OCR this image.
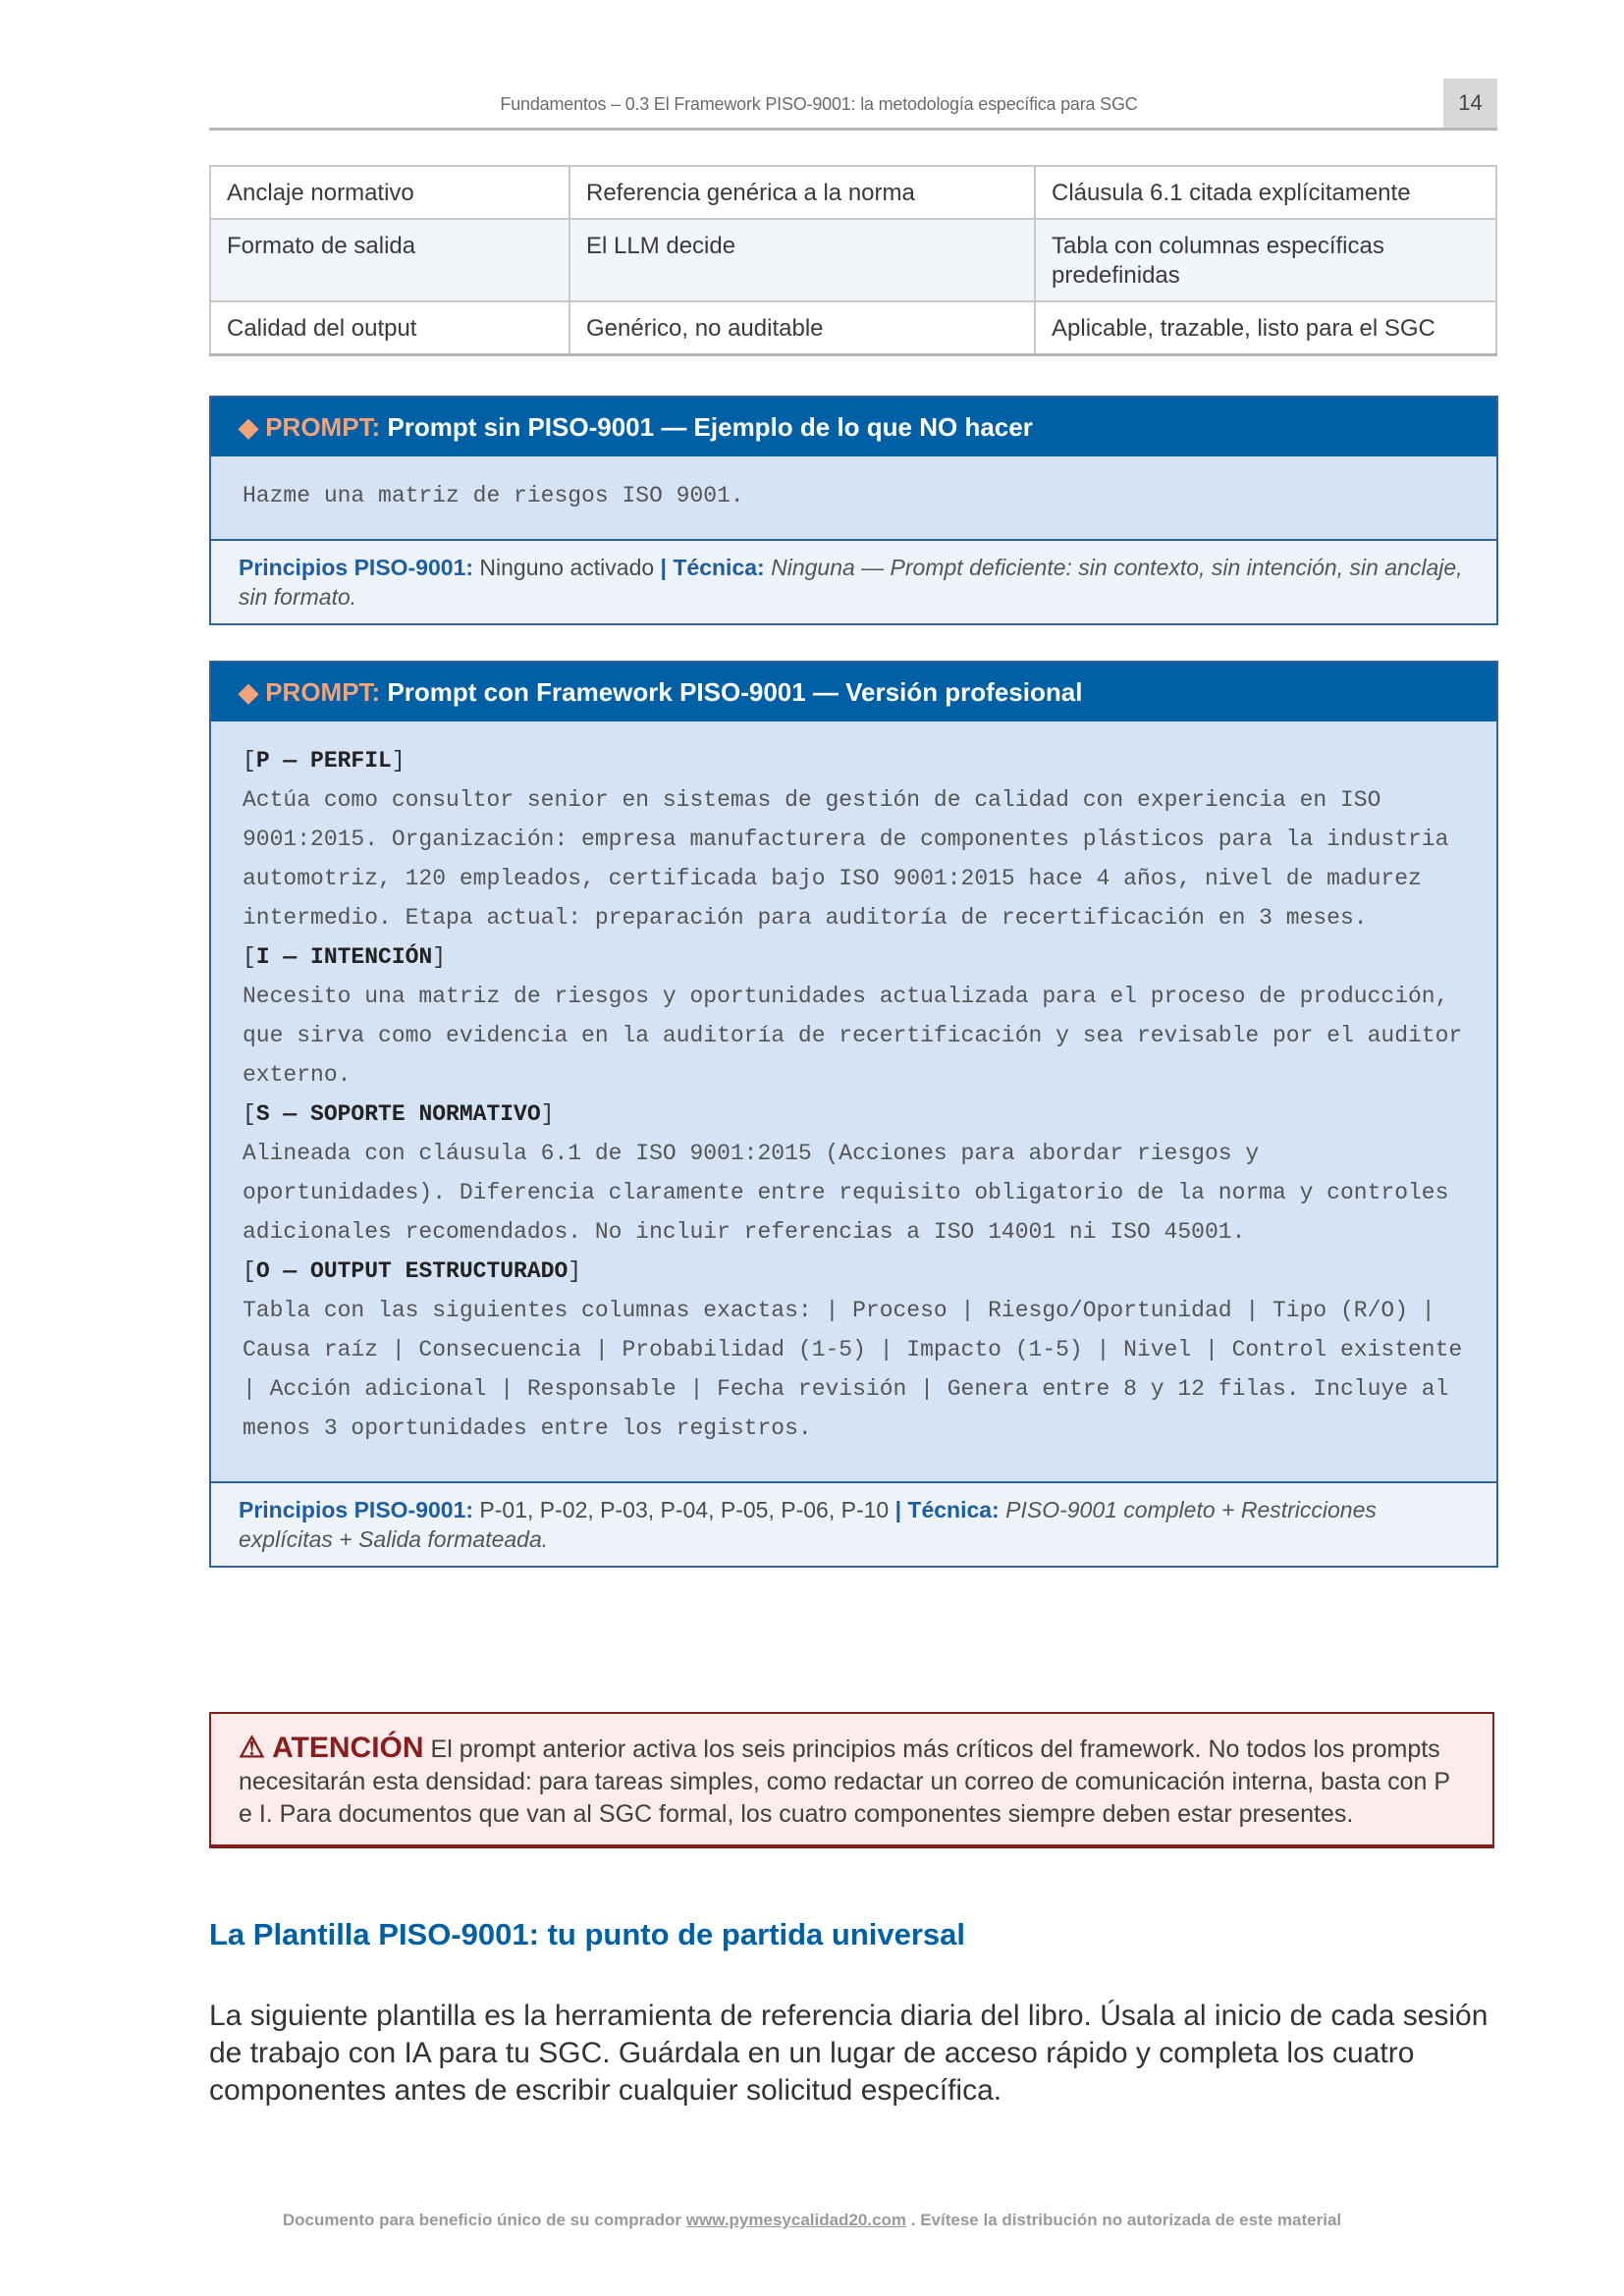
Fundamentos – 0.3 El Framework PISO-9001: la metodología específica para SGC	14
Anclaje normativo	Referencia genérica a la norma	Cláusula 6.1 citada explícitamente
Formato de salida	El LLM decide	Tabla con columnas específicas predefinidas
Calidad del output	Genérico, no auditable	Aplicable, trazable, listo para el SGC
◆ PROMPT: Prompt sin PISO-9001 — Ejemplo de lo que NO hacer
Hazme una matriz de riesgos ISO 9001.
Principios PISO-9001: Ninguno activado | Técnica: Ninguna — Prompt deficiente: sin contexto, sin intención, sin anclaje, sin formato.
◆ PROMPT: Prompt con Framework PISO-9001 — Versión profesional
[P — PERFIL]
Actúa como consultor senior en sistemas de gestión de calidad con experiencia en ISO 9001:2015. Organización: empresa manufacturera de componentes plásticos para la industria automotriz, 120 empleados, certificada bajo ISO 9001:2015 hace 4 años, nivel de madurez intermedio. Etapa actual: preparación para auditoría de recertificación en 3 meses.
[I — INTENCIÓN]
Necesito una matriz de riesgos y oportunidades actualizada para el proceso de producción, que sirva como evidencia en la auditoría de recertificación y sea revisable por el auditor externo.
[S — SOPORTE NORMATIVO]
Alineada con cláusula 6.1 de ISO 9001:2015 (Acciones para abordar riesgos y oportunidades). Diferencia claramente entre requisito obligatorio de la norma y controles adicionales recomendados. No incluir referencias a ISO 14001 ni ISO 45001.
[O — OUTPUT ESTRUCTURADO]
Tabla con las siguientes columnas exactas: | Proceso | Riesgo/Oportunidad | Tipo (R/O) | Causa raíz | Consecuencia | Probabilidad (1-5) | Impacto (1-5) | Nivel | Control existente | Acción adicional | Responsable | Fecha revisión | Genera entre 8 y 12 filas. Incluye al menos 3 oportunidades entre los registros.
Principios PISO-9001: P-01, P-02, P-03, P-04, P-05, P-06, P-10 | Técnica: PISO-9001 completo + Restricciones explícitas + Salida formateada.
⚠ ATENCIÓN El prompt anterior activa los seis principios más críticos del framework. No todos los prompts necesitarán esta densidad: para tareas simples, como redactar un correo de comunicación interna, basta con P e I. Para documentos que van al SGC formal, los cuatro componentes siempre deben estar presentes.
La Plantilla PISO-9001: tu punto de partida universal

La siguiente plantilla es la herramienta de referencia diaria del libro. Úsala al inicio de cada sesión de trabajo con IA para tu SGC. Guárdala en un lugar de acceso rápido y completa los cuatro componentes antes de escribir cualquier solicitud específica.

Documento para beneficio único de su comprador www.pymesycalidad20.com . Evítese la distribución no autorizada de este material
